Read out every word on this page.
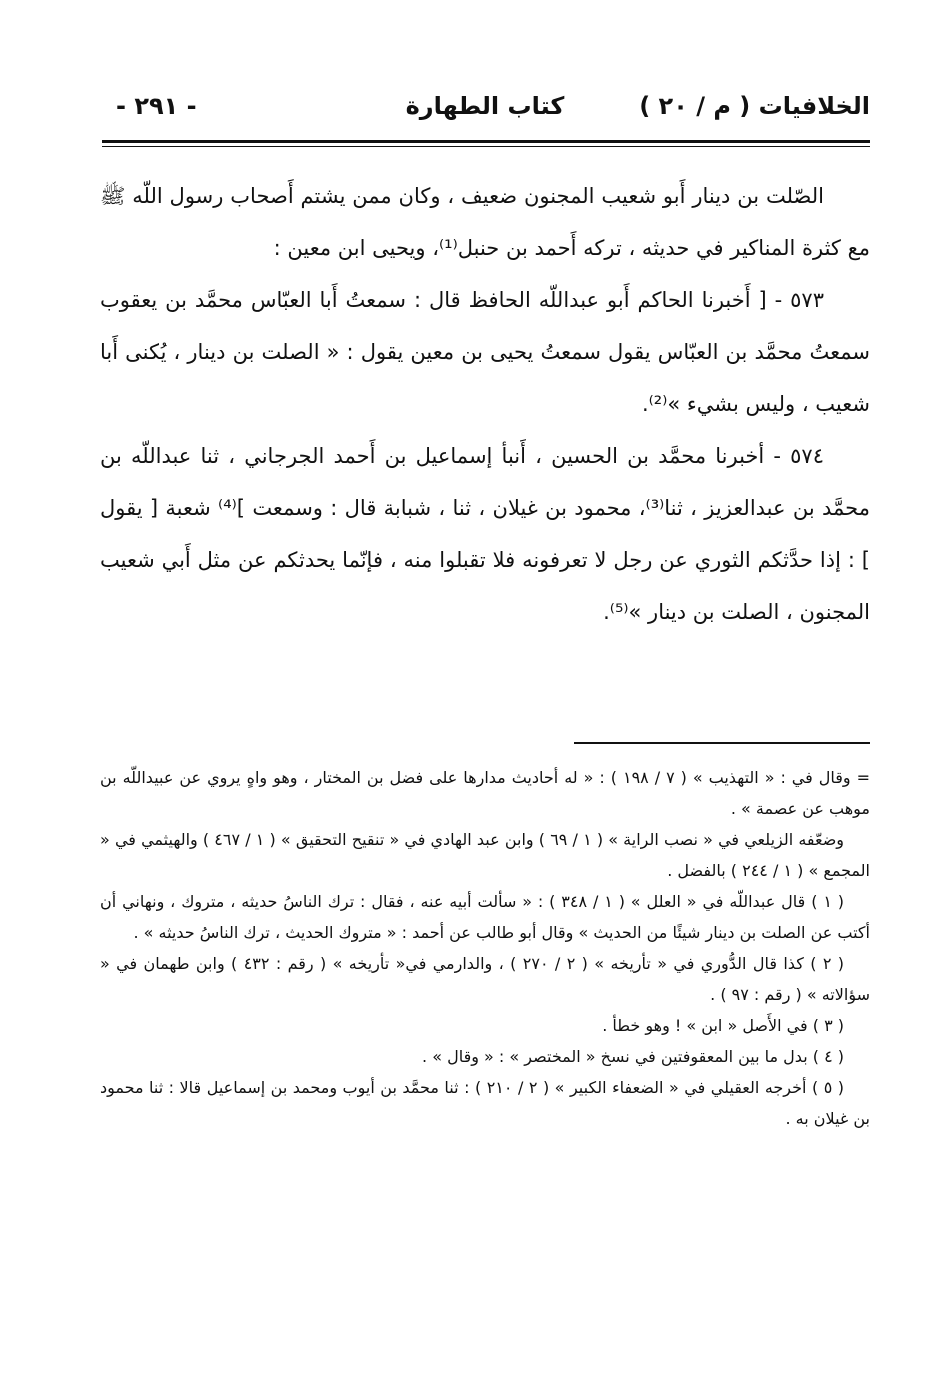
الخلافيات ( م / ٢٠ )
كتاب الطهارة
- ٢٩١ -

الصّلت بن دينار أَبو شعيب المجنون ضعيف ، وكان ممن يشتم أَصحاب رسول اللّه ﷺ مع كثرة المناكير في حديثه ، تركه أَحمد بن حنبل⁽¹⁾، ويحيى ابن معين :

٥٧٣ - [ أَخبرنا الحاكم أَبو عبداللّه الحافظ قال : سمعتُ أَبا العبّاس محمَّد بن يعقوب سمعتُ محمَّد بن العبّاس يقول سمعتُ يحيى بن معين يقول : « الصلت بن دينار ، يُكنى أَبا شعيب ، وليس بشيء »⁽²⁾.

٥٧٤ - أخبرنا محمَّد بن الحسين ، أَنبأ إسماعيل بن أَحمد الجرجاني ، ثنا عبداللّه بن محمَّد بن عبدالعزيز ، ثنا⁽³⁾، محمود بن غيلان ، ثنا ، شبابة قال : وسمعت ]⁽⁴⁾ شعبة [ يقول ] : إذا حدَّثكم الثوري عن رجل لا تعرفونه فلا تقبلوا منه ، فإنّما يحدثكم عن مثل أَبي شعيب المجنون ، الصلت بن دينار »⁽⁵⁾.

= وقال في : « التهذيب » ( ٧ / ١٩٨ ) : « له أحاديث مدارها على فضل بن المختار ، وهو واهٍ يروي عن عبيداللّه بن موهب عن عصمة » .

وضعّفه الزيلعي في « نصب الراية » ( ١ / ٦٩ ) وابن عبد الهادي في « تنقيح التحقيق » ( ١ / ٤٦٧ ) والهيثمي في « المجمع » ( ١ / ٢٤٤ ) بالفضل .

( ١ ) قال عبداللّه في « العلل » ( ١ / ٣٤٨ ) : « سألت أبيه عنه ، فقال : ترك الناسُ حديثه ، متروك ، ونهاني أن أكتب عن الصلت بن دينار شيئًا من الحديث » وقال أبو طالب عن أحمد : « متروك الحديث ، ترك الناسُ حديثه » .

( ٢ ) كذا قال الدُّوري في « تأريخه » ( ٢ / ٢٧٠ ) ، والدارمي في« تأريخه » ( رقم : ٤٣٢ ) وابن طهمان في « سؤالاته » ( رقم : ٩٧ ) .

( ٣ ) في الأَصل « ابن » ! وهو خطأ .

( ٤ ) بدل ما بين المعقوفتين في نسخ « المختصر » : « وقال » .

( ٥ ) أخرجه العقيلي في « الضعفاء الكبير » ( ٢ / ٢١٠ ) : ثنا محمَّد بن أيوب ومحمد بن إسماعيل قالا : ثنا محمود بن غيلان به .
